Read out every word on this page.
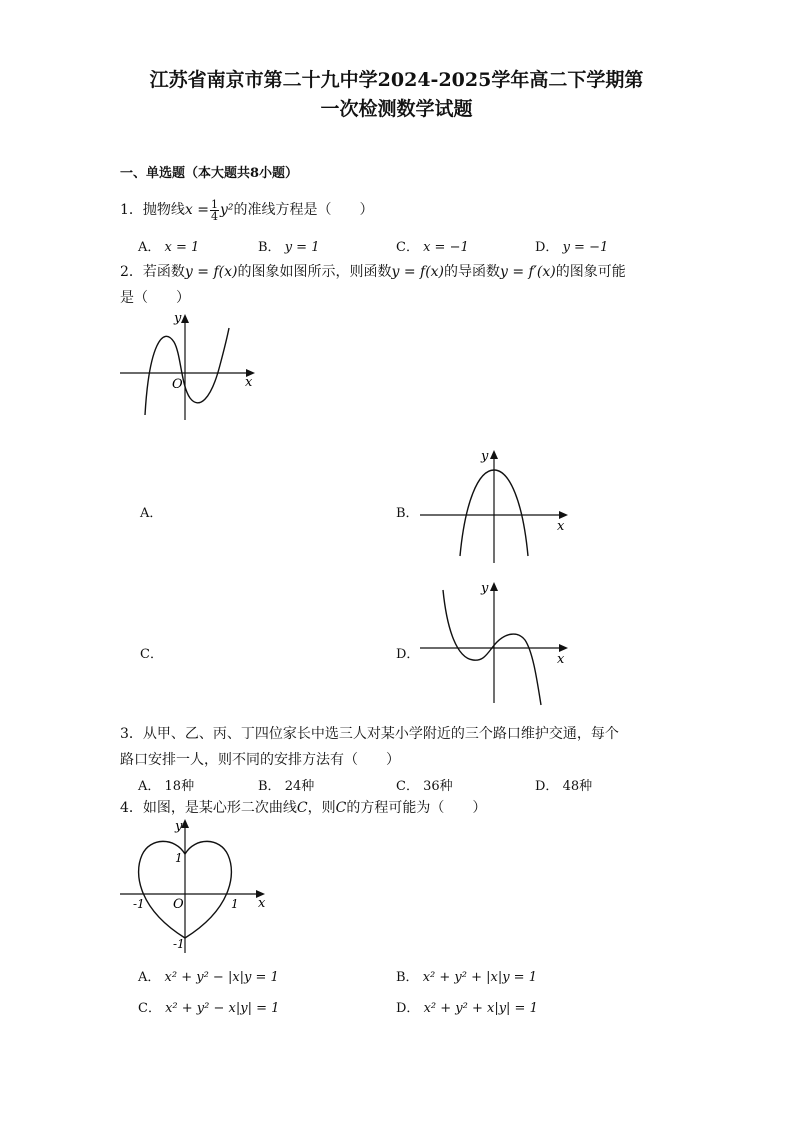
江苏省南京市第二十九中学2024-2025学年高二下学期第
一次检测数学试题
一、单选题（本大题共8小题）
1．抛物线$x = \frac{1}{4} y^2$的准线方程是（　　）
A． x = 1	B． y = 1	C． x = −1	D． y = −1
2．若函数y = f(x)的图象如图所示，则函数y = f(x)的导函数y = f′(x)的图象可能
是（　　）
y
x
O
A．	B．
y
x
C．	D．
y
x
3．从甲、乙、丙、丁四位家长中选三人对某小学附近的三个路口维护交通，每个
路口安排一人，则不同的安排方法有（　　）
A． 18种	B． 24种	C． 36种	D． 48种
4．如图，是某心形二次曲线C，则C的方程可能为（　　）
y
x
O
1
-1
1
-1
A． x² + y² − |x|y = 1	B． x² + y² + |x|y = 1
C． x² + y² − x|y| = 1	D． x² + y² + x|y| = 1
